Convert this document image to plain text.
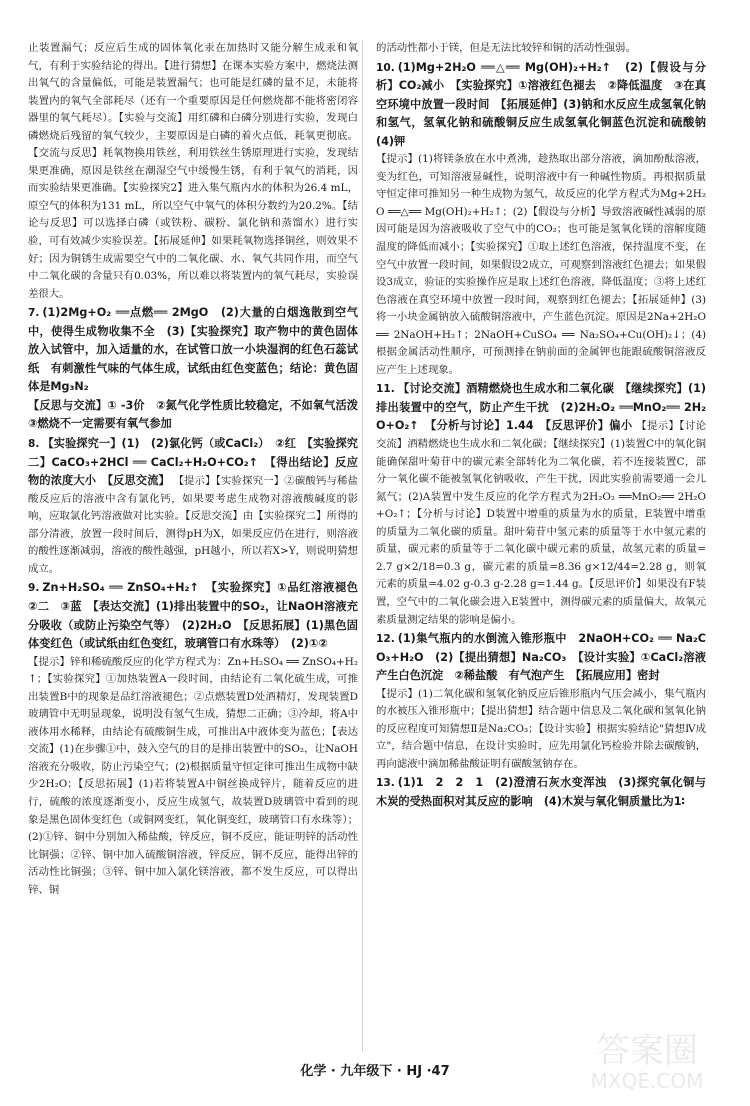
止装置漏气；反应后生成的固体氧化汞在加热时又能分解生成汞和氧气，有利于实验结论的得出。【进行猜想】在课本实验方案中，燃烧法测出氧气的含量偏低，可能是装置漏气；也可能是红磷的量不足，未能将装置内的氧气全部耗尽（还有一个重要原因是任何燃烧都不能将密闭容器里的氧气耗尽）。【实验与交流】用红磷和白磷分别进行实验，发现白磷燃烧后残留的氧气较少，主要原因是白磷的着火点低，耗氧更彻底。【交流与反思】耗氧物换用铁丝，利用铁丝生锈原理进行实验，发现结果更准确，原因是铁丝在潮湿空气中缓慢生锈，有利于氧气的消耗，因而实验结果更准确。【实验探究2】进入集气瓶内水的体积为26.4 mL，原空气的体积为131 mL，所以空气中氧气的体积分数约为20.2%。【结论与反思】可以选择白磷（或铁粉、碳粉、氯化钠和蒸馏水）进行实验，可有效减少实验误差。【拓展延伸】如果耗氧物选择铜丝，则效果不好；因为铜锈生成需要空气中的二氧化碳、水、氧气共同作用，而空气中二氧化碳的含量只有0.03%，所以难以将装置内的氧气耗尽，实验误差很大。
7. (1)2Mg+O₂ ══点燃══ 2MgO　(2)大量的白烟逸散到空气中，使得生成物收集不全　(3)【实验探究】取产物中的黄色固体放入试管中，加入适量的水，在试管口放一小块湿润的红色石蕊试纸　有刺激性气味的气体生成，试纸由红色变蓝色；结论：黄色固体是Mg₃N₂
【反思与交流】① -3价　②氮气化学性质比较稳定，不如氧气活泼　③燃烧不一定需要有氧气参加
8. 【实验探究一】(1)　(2)氯化钙（或CaCl₂）　②红　【实验探究二】CaCO₃+2HCl ══ CaCl₂+H₂O+CO₂↑　【得出结论】反应物的浓度大小　【反思交流】 【提示】【实验探究一】②碳酸钙与稀盐酸反应后的溶液中含有氯化钙，如果要考虑生成物对溶液酸碱度的影响，应取氯化钙溶液做对比实验。【反思交流】由【实验探究二】所得的部分清液，放置一段时间后，测得pH为X，如果反应仍在进行，则溶液的酸性逐渐减弱，溶液的酸性越强，pH越小，所以若X>Y，则说明猜想成立。
9. Zn+H₂SO₄ ══ ZnSO₄+H₂↑　【实验探究】①品红溶液褪色　②二　③蓝　【表达交流】(1)排出装置中的SO₂，让NaOH溶液充分吸收（或防止污染空气等）　(2)2H₂O　【反思拓展】(1)黑色固体变红色（或试纸由红色变红，玻璃管口有水珠等）　(2)①②
【提示】锌和稀硫酸反应的化学方程式为：Zn+H₂SO₄ ══ ZnSO₄+H₂↑；【实验探究】①加热装置A一段时间，由结论有二氧化硫生成，可推出装置B中的现象是品红溶液褪色；②点燃装置D处酒精灯，发现装置D玻璃管中无明显现象，说明没有氢气生成，猜想二正确；③冷却，将A中液体用水稀释，由结论有硫酸铜生成，可推出A中液体变为蓝色；【表达交流】(1)在步骤①中，鼓入空气的目的是排出装置中的SO₂，让NaOH溶液充分吸收，防止污染空气；(2)根据质量守恒定律可推出生成物中缺少2H₂O；【反思拓展】(1)若将装置A中铜丝换成锌片，随着反应的进行，硫酸的浓度逐渐变小，反应生成氢气，故装置D玻璃管中看到的现象是黑色固体变红色（或铜网变红，氧化铜变红，玻璃管口有水珠等）；(2)①锌、铜中分别加入稀盐酸，锌反应，铜不反应，能证明锌的活动性比铜强；②锌、铜中加入硫酸铜溶液，锌反应，铜不反应，能得出锌的活动性比铜强；③锌、铜中加入氯化镁溶液，都不发生反应，可以得出锌、铜
的活动性都小于镁，但是无法比较锌和铜的活动性强弱。
10. (1)Mg+2H₂O ══△══ Mg(OH)₂+H₂↑　(2)【假设与分析】CO₂减小　【实验探究】①溶液红色褪去　②降低温度　③在真空环境中放置一段时间　【拓展延伸】(3)钠和水反应生成氢氧化钠和氢气，氢氧化钠和硫酸铜反应生成氢氧化铜蓝色沉淀和硫酸钠　(4)钾
【提示】(1)将镁条放在水中煮沸，趁热取出部分溶液，滴加酚酞溶液，变为红色，可知溶液显碱性，说明溶液中有一种碱性物质。再根据质量守恒定律可推知另一种生成物为氢气，故反应的化学方程式为Mg+2H₂O ══△══ Mg(OH)₂+H₂↑；(2)【假设与分析】导致溶液碱性减弱的原因可能是因为溶液吸收了空气中的CO₂；也可能是氢氧化镁的溶解度随温度的降低而减小；【实验探究】①取上述红色溶液，保持温度不变，在空气中放置一段时间，如果假设2成立，可观察到溶液红色褪去；如果假设3成立，验证的实验操作应是取上述红色溶液，降低温度；③将上述红色溶液在真空环境中放置一段时间，观察到红色褪去；【拓展延伸】(3)将一小块金属钠放入硫酸铜溶液中，产生蓝色沉淀。原因是2Na+2H₂O ══ 2NaOH+H₂↑；2NaOH+CuSO₄ ══ Na₂SO₄+Cu(OH)₂↓；(4)根据金属活动性顺序，可预测排在钠前面的金属钾也能跟硫酸铜溶液反应产生上述现象。
11. 【讨论交流】酒精燃烧也生成水和二氧化碳　【继续探究】(1)排出装置中的空气，防止产生干扰　(2)2H₂O₂ ══MnO₂══ 2H₂O+O₂↑　【分析与讨论】1.44　【反思评价】偏小 【提示】【讨论交流】酒精燃烧也生成水和二氧化碳；【继续探究】(1)装置C中的氧化铜能确保甜叶菊苷中的碳元素全部转化为二氧化碳，若不连接装置C，部分一氧化碳不能被氢氧化钠吸收，产生干扰，因此实验前需要通一会儿氮气；(2)A装置中发生反应的化学方程式为2H₂O₂ ══MnO₂══ 2H₂O+O₂↑；【分析与讨论】D装置中增重的质量为水的质量，E装置中增重的质量为二氧化碳的质量。甜叶菊苷中氢元素的质量等于水中氢元素的质量，碳元素的质量等于二氧化碳中碳元素的质量，故氢元素的质量=2.7 g×2/18=0.3 g，碳元素的质量=8.36 g×12/44=2.28 g，则氧元素的质量=4.02 g-0.3 g-2.28 g=1.44 g。【反思评价】如果没有F装置，空气中的二氧化碳会进入E装置中，测得碳元素的质量偏大，故氧元素质量测定结果的影响是偏小。
12. (1)集气瓶内的水倒流入锥形瓶中　2NaOH+CO₂ ══ Na₂CO₃+H₂O　(2)【提出猜想】Na₂CO₃　【设计实验】①CaCl₂溶液　产生白色沉淀　②稀盐酸　有气泡产生　【拓展应用】密封
【提示】(1)二氧化碳和氢氧化钠反应后锥形瓶内气压会减小，集气瓶内的水被压入锥形瓶中；【提出猜想】结合题中信息及二氧化碳和氢氧化钠的反应程度可知猜想Ⅱ是Na₂CO₃；【设计实验】根据实验结论"猜想Ⅳ成立"，结合题中信息，在设计实验时，应先用氯化钙检验并除去碳酸钠，再向滤液中滴加稀盐酸证明有碳酸氢钠存在。
13. (1)1　2　2　1　(2)澄清石灰水变浑浊　(3)探究氧化铜与木炭的受热面积对其反应的影响　(4)木炭与氧化铜质量比为1∶
化学 · 九年级下 · HJ ·47
答案圈
MXQE.COM
